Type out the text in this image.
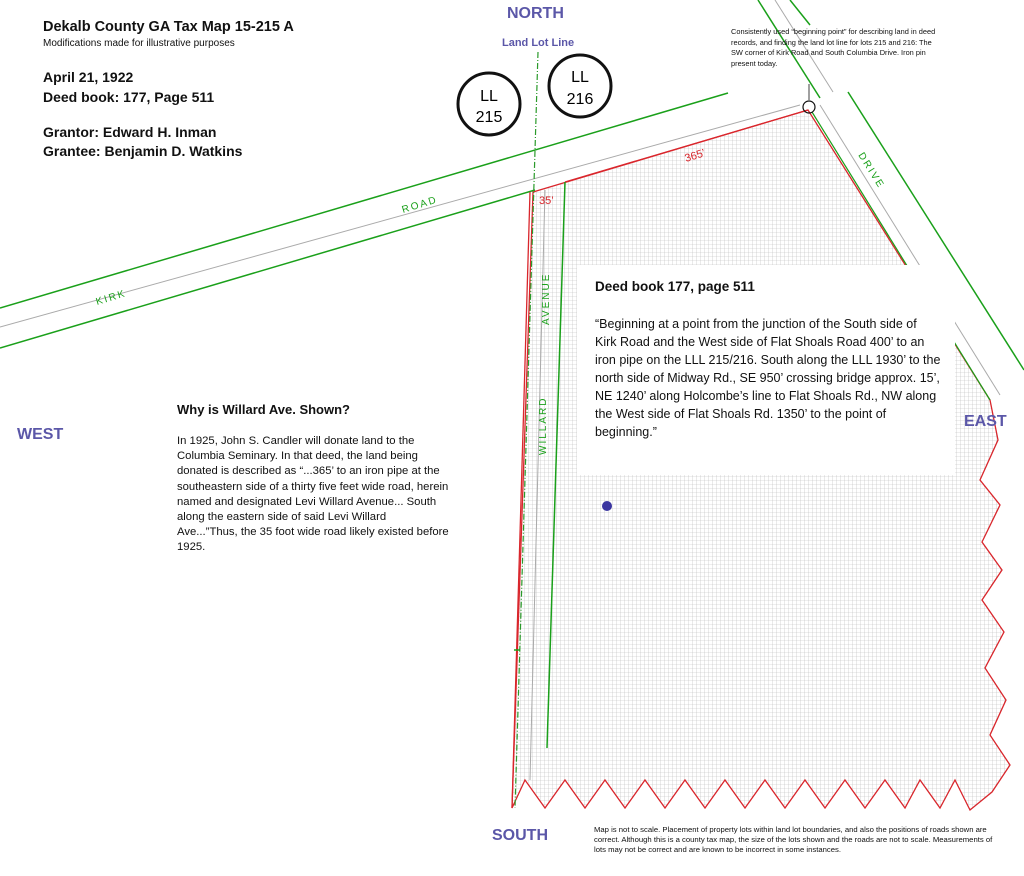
LL
215
LL
216
KIRK
ROAD
DRIVE
AVENUE
WILLARD
365’
35’
Dekalb County GA Tax Map 15-215 A
Modifications made for illustrative purposes
April 21, 1922
Deed book: 177, Page 511
Grantor: Edward H. Inman
Grantee: Benjamin D. Watkins
NORTH
SOUTH
WEST
EAST
Land Lot Line
Consistently used “beginning point” for describing land in deed records, and finding the land lot line for lots 215 and 216: The SW corner of Kirk Road and South Columbia Drive. Iron pin present today.
Deed book 177, page 511
“Beginning at a point from the junction of the South side of Kirk Road and the West side of Flat Shoals Road 400’ to an iron pipe on the LLL 215/216. South along the LLL 1930’ to the north side of Midway Rd., SE 950’ crossing bridge approx. 15’, NE 1240’ along Holcombe’s line to Flat Shoals Rd., NW along the West side of Flat Shoals Rd. 1350’ to the point of beginning.”
Why is Willard Ave. Shown?
In 1925, John S. Candler will donate land to the Columbia Seminary. In that deed, the land being donated is described as “...365’ to an iron pipe at the southeastern side of a thirty five feet wide road, herein named and designated Levi Willard Avenue... South along the eastern side of said Levi Willard Ave...”Thus, the 35 foot wide road likely existed before 1925.
Map is not to scale. Placement of property lots within land lot boundaries, and also the positions of roads shown are correct. Although this is a county tax map, the size of the lots shown and the roads are not to scale. Measurements of lots may not be correct and are known to be incorrect in some instances.
